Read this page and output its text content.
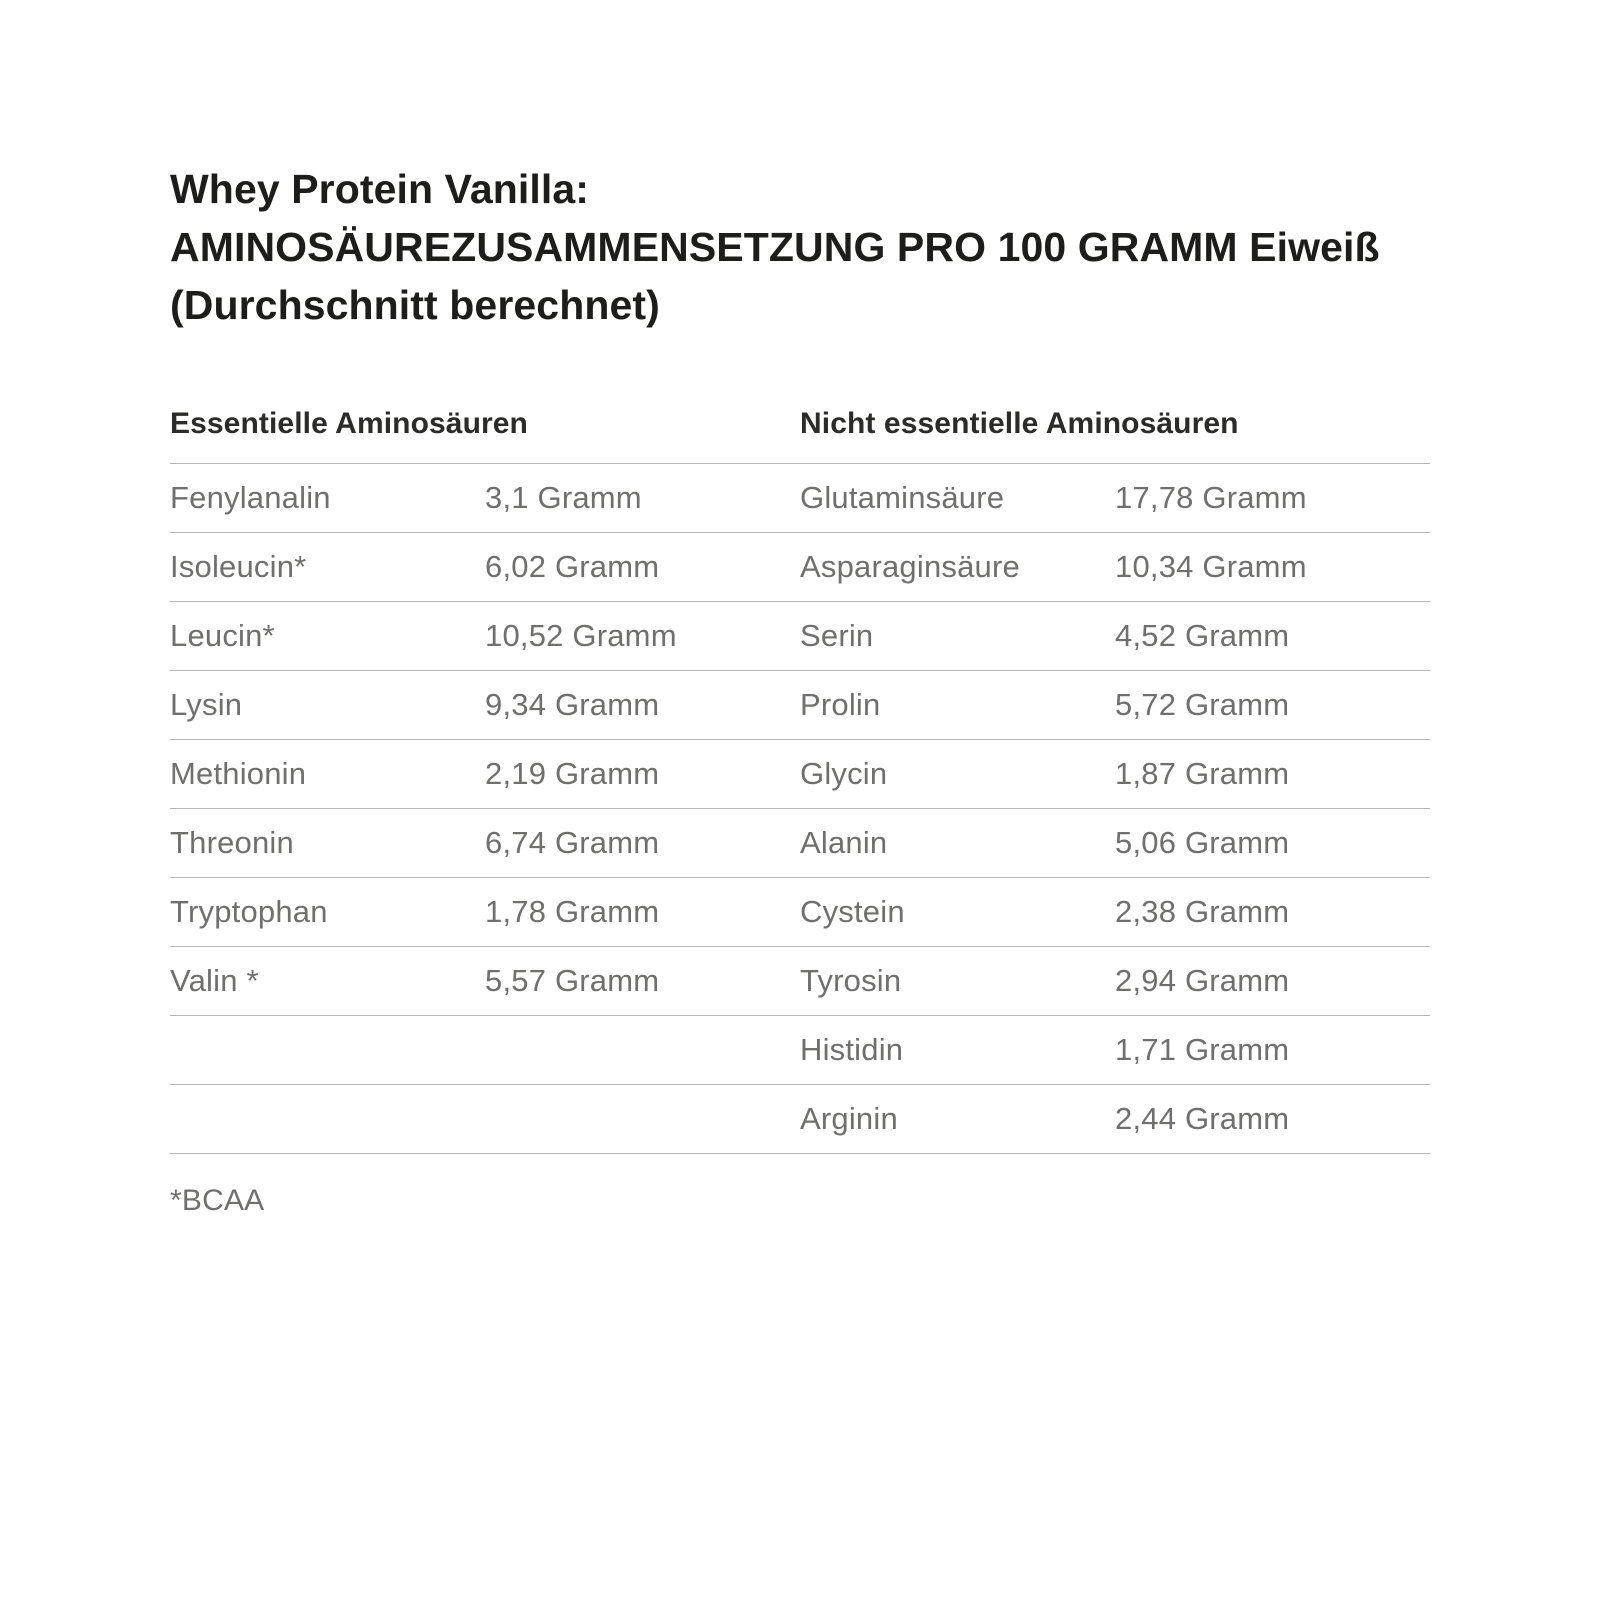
Whey Protein Vanilla:
AMINOSÄUREZUSAMMENSETZUNG PRO 100 GRAMM Eiweiß
(Durchschnitt berechnet)
Essentielle Aminosäuren	
Fenylanalin	3,1 Gramm
Isoleucin*	6,02 Gramm
Leucin*	10,52 Gramm
Lysin	9,34 Gramm
Methionin	2,19 Gramm
Threonin	6,74 Gramm
Tryptophan	1,78 Gramm
Valin *	5,57 Gramm

Nicht essentielle Aminosäuren	
Glutaminsäure	17,78 Gramm
Asparaginsäure	10,34 Gramm
Serin	4,52 Gramm
Prolin	5,72 Gramm
Glycin	1,87 Gramm
Alanin	5,06 Gramm
Cystein	2,38 Gramm
Tyrosin	2,94 Gramm
Histidin	1,71 Gramm
Arginin	2,44 Gramm
*BCAA
